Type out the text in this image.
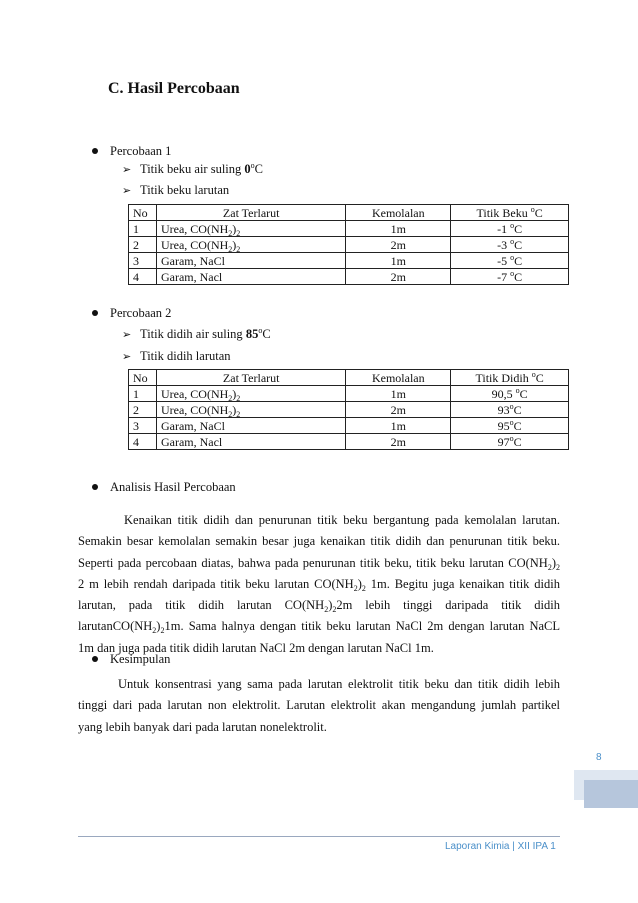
C. Hasil Percobaan
Percobaan 1
➢ Titik beku air suling 0$^o$C
➢ Titik beku larutan
No	Zat Terlarut	Kemolalan	Titik Beku $^o$C
1	Urea, $CO(NH_2)_2$	1m	-1 $^o$C
2	Urea, $CO(NH_2)_2$	2m	-3 $^o$C
3	Garam, NaCl	1m	-5 $^o$C
4	Garam, Nacl	2m	-7 $^o$C
Percobaan 2
➢ Titik didih air suling 85$^o$C
➢ Titik didih larutan
No	Zat Terlarut	Kemolalan	Titik Didih $^o$C
1	Urea, $CO(NH_2)_2$	1m	90,5 $^o$C
2	Urea, $CO(NH_2)_2$	2m	93$^o$C
3	Garam, NaCl	1m	95$^o$C
4	Garam, Nacl	2m	97$^o$C
Analisis Hasil Percobaan
Kenaikan titik didih dan penurunan titik beku bergantung pada kemolalan larutan.
Semakin besar kemolalan semakin besar juga kenaikan titik didih dan penurunan titik beku.
Seperti pada percobaan diatas, bahwa pada penurunan titik beku, titik beku larutan $CO(NH_2)_2$
2 m lebih rendah daripada titik beku larutan $CO(NH_2)_2$ 1m. Begitu juga kenaikan titik didih
larutan, pada titik didih larutan $CO(NH_2)_22m$ lebih tinggi daripada titik didih
$larutanCO(NH_2)_21m$. Sama halnya dengan titik beku larutan NaCl 2m dengan larutan NaCL
1m dan juga pada titik didih larutan NaCl 2m dengan larutan NaCl 1m.
Kesimpulan
Untuk konsentrasi yang sama pada larutan elektrolit titik beku dan titik didih lebih
tinggi dari pada larutan non elektrolit. Larutan elektrolit akan mengandung jumlah partikel
yang lebih banyak dari pada larutan nonelektrolit.
8
Laporan Kimia | XII IPA 1
